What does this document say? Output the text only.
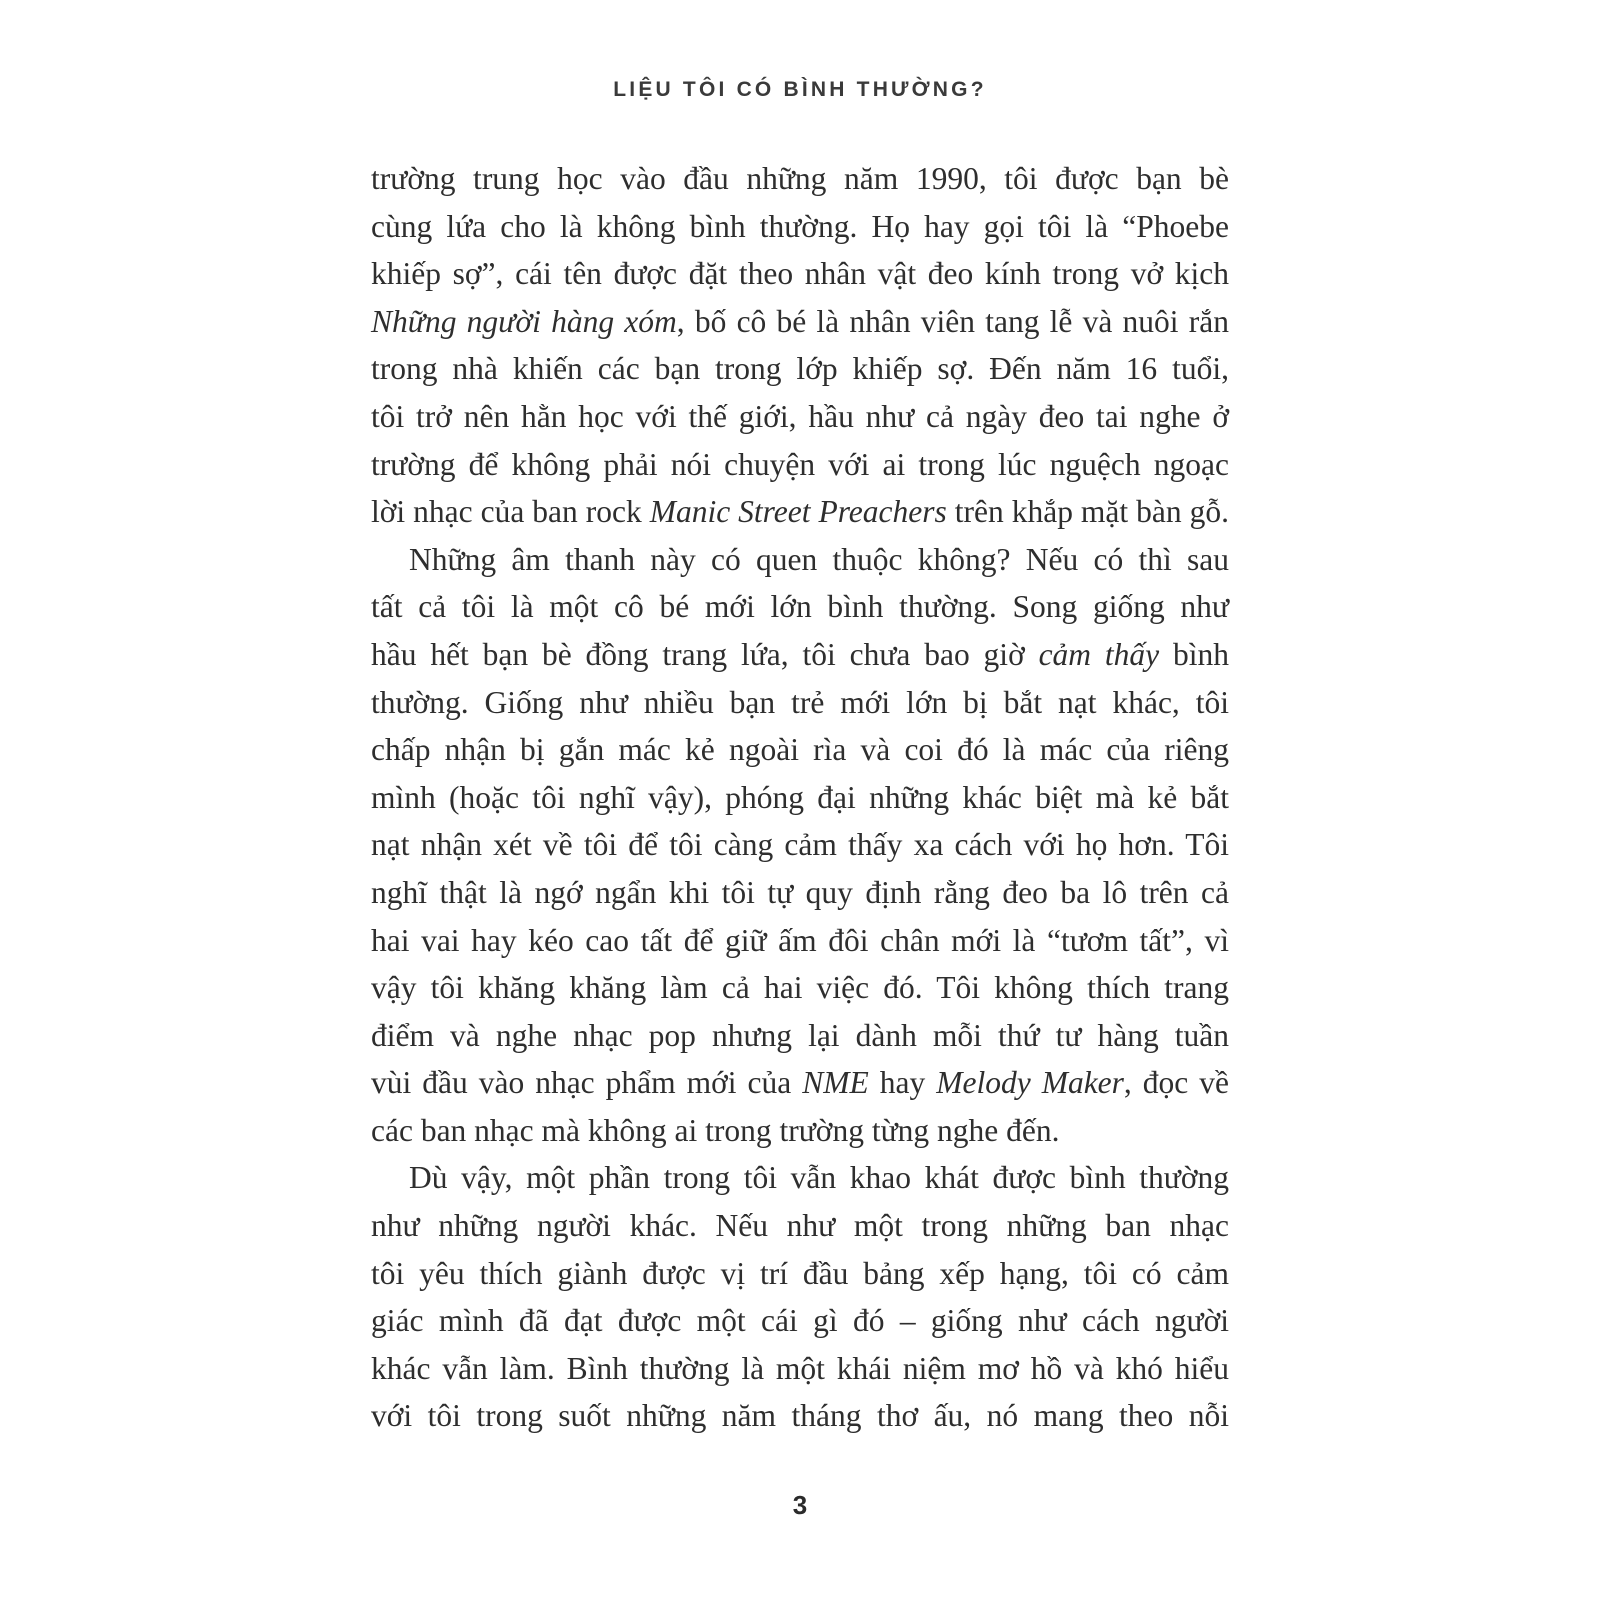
LIỆU TÔI CÓ BÌNH THƯỜNG?
trường trung học vào đầu những năm 1990, tôi được bạn bè
cùng lứa cho là không bình thường. Họ hay gọi tôi là “Phoebe
khiếp sợ”, cái tên được đặt theo nhân vật đeo kính trong vở kịch
Những người hàng xóm, bố cô bé là nhân viên tang lễ và nuôi rắn
trong nhà khiến các bạn trong lớp khiếp sợ. Đến năm 16 tuổi,
tôi trở nên hằn học với thế giới, hầu như cả ngày đeo tai nghe ở
trường để không phải nói chuyện với ai trong lúc nguệch ngoạc
lời nhạc của ban rock Manic Street Preachers trên khắp mặt bàn gỗ.
Những âm thanh này có quen thuộc không? Nếu có thì sau
tất cả tôi là một cô bé mới lớn bình thường. Song giống như
hầu hết bạn bè đồng trang lứa, tôi chưa bao giờ cảm thấy bình
thường. Giống như nhiều bạn trẻ mới lớn bị bắt nạt khác, tôi
chấp nhận bị gắn mác kẻ ngoài rìa và coi đó là mác của riêng
mình (hoặc tôi nghĩ vậy), phóng đại những khác biệt mà kẻ bắt
nạt nhận xét về tôi để tôi càng cảm thấy xa cách với họ hơn. Tôi
nghĩ thật là ngớ ngẩn khi tôi tự quy định rằng đeo ba lô trên cả
hai vai hay kéo cao tất để giữ ấm đôi chân mới là “tươm tất”, vì
vậy tôi khăng khăng làm cả hai việc đó. Tôi không thích trang
điểm và nghe nhạc pop nhưng lại dành mỗi thứ tư hàng tuần
vùi đầu vào nhạc phẩm mới của NME hay Melody Maker, đọc về
các ban nhạc mà không ai trong trường từng nghe đến.
Dù vậy, một phần trong tôi vẫn khao khát được bình thường
như những người khác. Nếu như một trong những ban nhạc
tôi yêu thích giành được vị trí đầu bảng xếp hạng, tôi có cảm
giác mình đã đạt được một cái gì đó – giống như cách người
khác vẫn làm. Bình thường là một khái niệm mơ hồ và khó hiểu
với tôi trong suốt những năm tháng thơ ấu, nó mang theo nỗi
3
